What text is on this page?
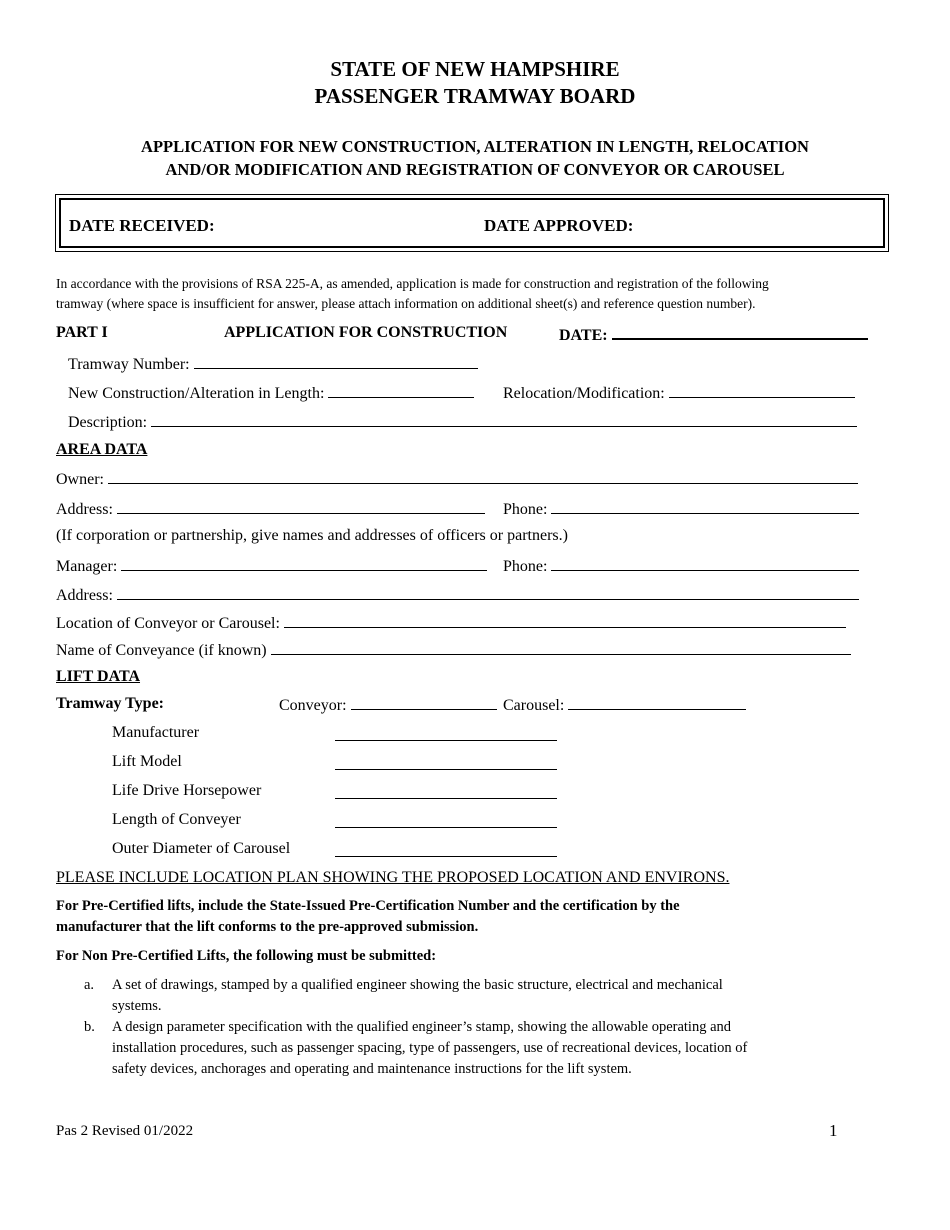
STATE OF NEW HAMPSHIRE
PASSENGER TRAMWAY BOARD
APPLICATION FOR NEW CONSTRUCTION, ALTERATION IN LENGTH, RELOCATION
AND/OR MODIFICATION AND REGISTRATION OF CONVEYOR OR CAROUSEL
DATE RECEIVED:	DATE APPROVED:
In accordance with the provisions of RSA 225-A, as amended, application is made for construction and registration of the following
tramway (where space is insufficient for answer, please attach information on additional sheet(s) and reference question number).
PART I	APPLICATION FOR CONSTRUCTION	DATE:
Tramway Number:
New Construction/Alteration in Length:	Relocation/Modification:
Description:
AREA DATA
Owner:
Address:	Phone:
(If corporation or partnership, give names and addresses of officers or partners.)
Manager:	Phone:
Address:
Location of Conveyor or Carousel:
Name of Conveyance (if known)
LIFT DATA
Tramway Type:	Conveyor:	Carousel:
Manufacturer
Lift Model
Life Drive Horsepower
Length of Conveyer
Outer Diameter of Carousel
PLEASE INCLUDE LOCATION PLAN SHOWING THE PROPOSED LOCATION AND ENVIRONS.
For Pre-Certified lifts, include the State-Issued Pre-Certification Number and the certification by the
manufacturer that the lift conforms to the pre-approved submission.
For Non Pre-Certified Lifts, the following must be submitted:
a. A set of drawings, stamped by a qualified engineer showing the basic structure, electrical and mechanical
systems.
b. A design parameter specification with the qualified engineer’s stamp, showing the allowable operating and
installation procedures, such as passenger spacing, type of passengers, use of recreational devices, location of
safety devices, anchorages and operating and maintenance instructions for the lift system.
Pas 2 Revised 01/2022	1
